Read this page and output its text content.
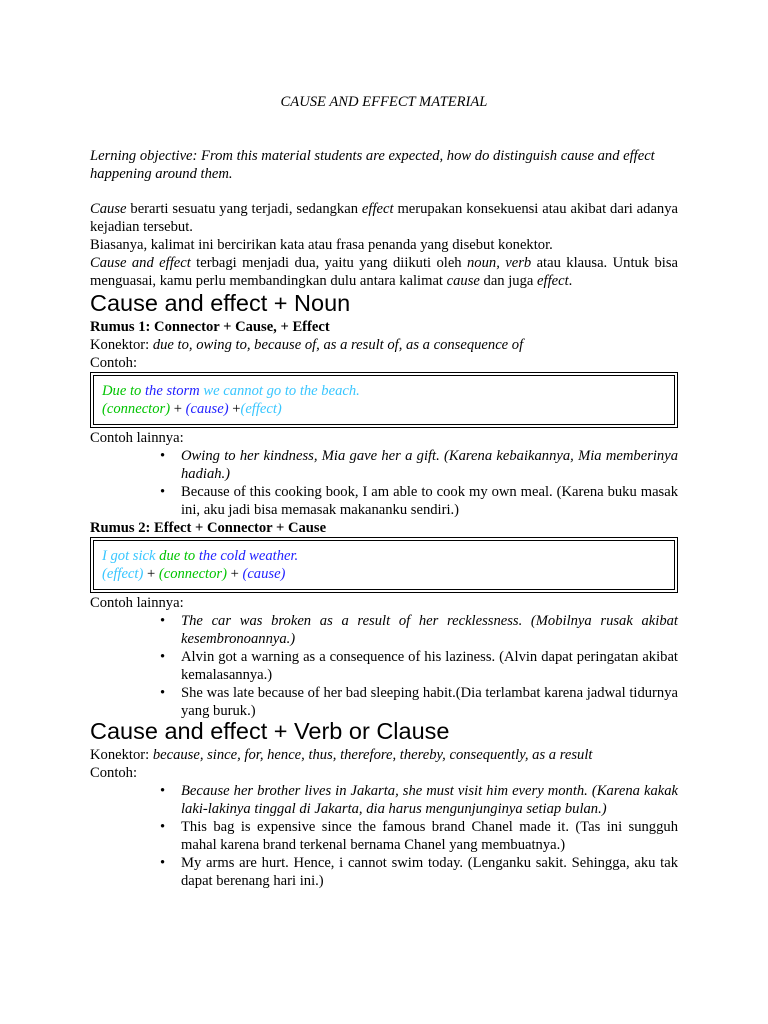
CAUSE AND EFFECT MATERIAL

Lerning objective: From this material students are expected, how do distinguish cause and effect happening around them.

Cause berarti sesuatu yang terjadi, sedangkan effect merupakan konsekuensi atau akibat dari adanya kejadian tersebut.

Biasanya, kalimat ini bercirikan kata atau frasa penanda yang disebut konektor.

Cause and effect terbagi menjadi dua, yaitu yang diikuti oleh noun, verb atau klausa. Untuk bisa menguasai, kamu perlu membandingkan dulu antara kalimat cause dan juga effect.

Cause and effect + Noun

Rumus 1: Connector + Cause, + Effect

Konektor: due to, owing to, because of, as a result of, as a consequence of

Contoh:

Due to the storm we cannot go to the beach.
(connector) + (cause) +(effect)

Contoh lainnya:

• Owing to her kindness, Mia gave her a gift. (Karena kebaikannya, Mia memberinya hadiah.)
• Because of this cooking book, I am able to cook my own meal. (Karena buku masak ini, aku jadi bisa memasak makananku sendiri.)

Rumus 2: Effect + Connector + Cause

I got sick due to the cold weather.
(effect) + (connector) + (cause)

Contoh lainnya:

• The car was broken as a result of her recklessness. (Mobilnya rusak akibat kesembronoannya.)
• Alvin got a warning as a consequence of his laziness. (Alvin dapat peringatan akibat kemalasannya.)
• She was late because of her bad sleeping habit.(Dia terlambat karena jadwal tidurnya yang buruk.)
Cause and effect + Verb or Clause

Konektor: because, since, for, hence, thus, therefore, thereby, consequently, as a result

Contoh:

• Because her brother lives in Jakarta, she must visit him every month. (Karena kakak laki-lakinya tinggal di Jakarta, dia harus mengunjunginya setiap bulan.)
• This bag is expensive since the famous brand Chanel made it. (Tas ini sungguh mahal karena brand terkenal bernama Chanel yang membuatnya.)
• My arms are hurt. Hence, i cannot swim today. (Lenganku sakit. Sehingga, aku tak dapat berenang hari ini.)
